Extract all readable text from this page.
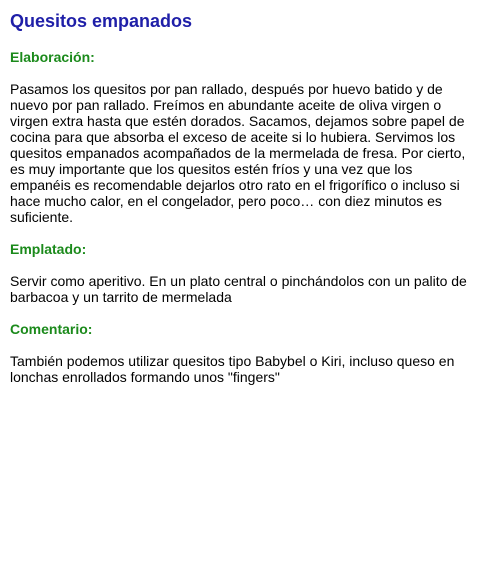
Quesitos empanados
Elaboración:
Pasamos los quesitos por pan rallado, después por huevo batido y de nuevo por pan rallado. Freímos en abundante aceite de oliva virgen o virgen extra hasta que estén dorados. Sacamos, dejamos sobre papel de cocina para que absorba el exceso de aceite si lo hubiera. Servimos los quesitos empanados acompañados de la mermelada de fresa. Por cierto, es muy importante que los quesitos estén fríos y una vez que los empanéis es recomendable dejarlos otro rato en el frigorífico o incluso si hace mucho calor, en el congelador, pero poco… con diez minutos es suficiente.
Emplatado:
Servir como aperitivo. En un plato central o pinchándolos con un palito de barbacoa y un tarrito de mermelada
Comentario:
También podemos utilizar quesitos tipo Babybel o Kiri, incluso queso en lonchas enrollados formando unos "fingers"
